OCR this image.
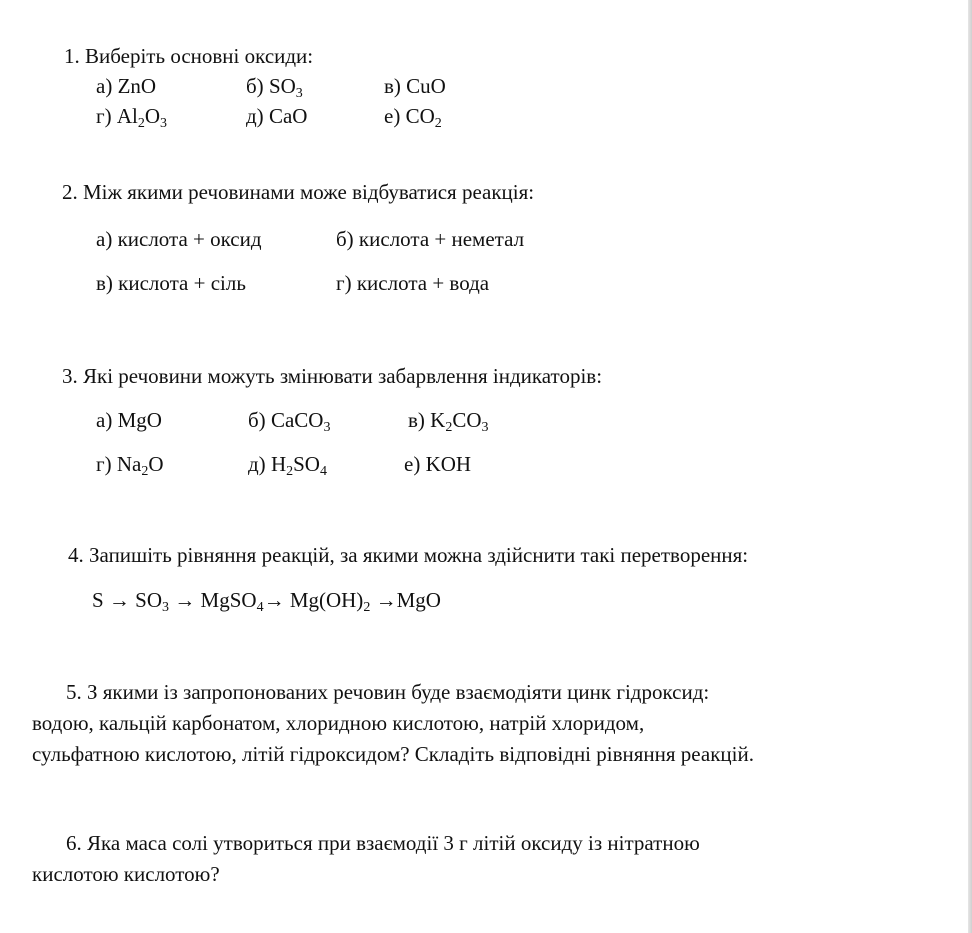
1. Виберіть основні оксиди:
а) ZnO	б) $SO_3$	в) CuO
г) $Al_2O_3$	д) CaO	е) $CO_2$
2. Між якими речовинами може відбуватися реакція:
а) кислота + оксид	б) кислота + неметал
в) кислота + сіль	г) кислота + вода
3. Які речовини можуть змінювати забарвлення індикаторів:
а) MgO	б) CaCO$_3$	в) $K_2CO_3$
г) $Na_2O$	д) $H_2SO_4$	е) KOH
4. Запишіть рівняння реакцій, за якими можна здійснити такі перетворення:
$S \to SO_3$ → MgSO$_4$→ $Mg(OH)_2 \to MgO$
5. З якими із запропонованих речовин буде взаємодіяти цинк гідроксид:
водою, кальцій карбонатом, хлоридною кислотою, натрій хлоридом,
сульфатною кислотою, літій гідроксидом? Складіть відповідні рівняння реакцій.
6. Яка маса солі утвориться при взаємодії 3 г літій оксиду із нітратною
кислотою кислотою?
